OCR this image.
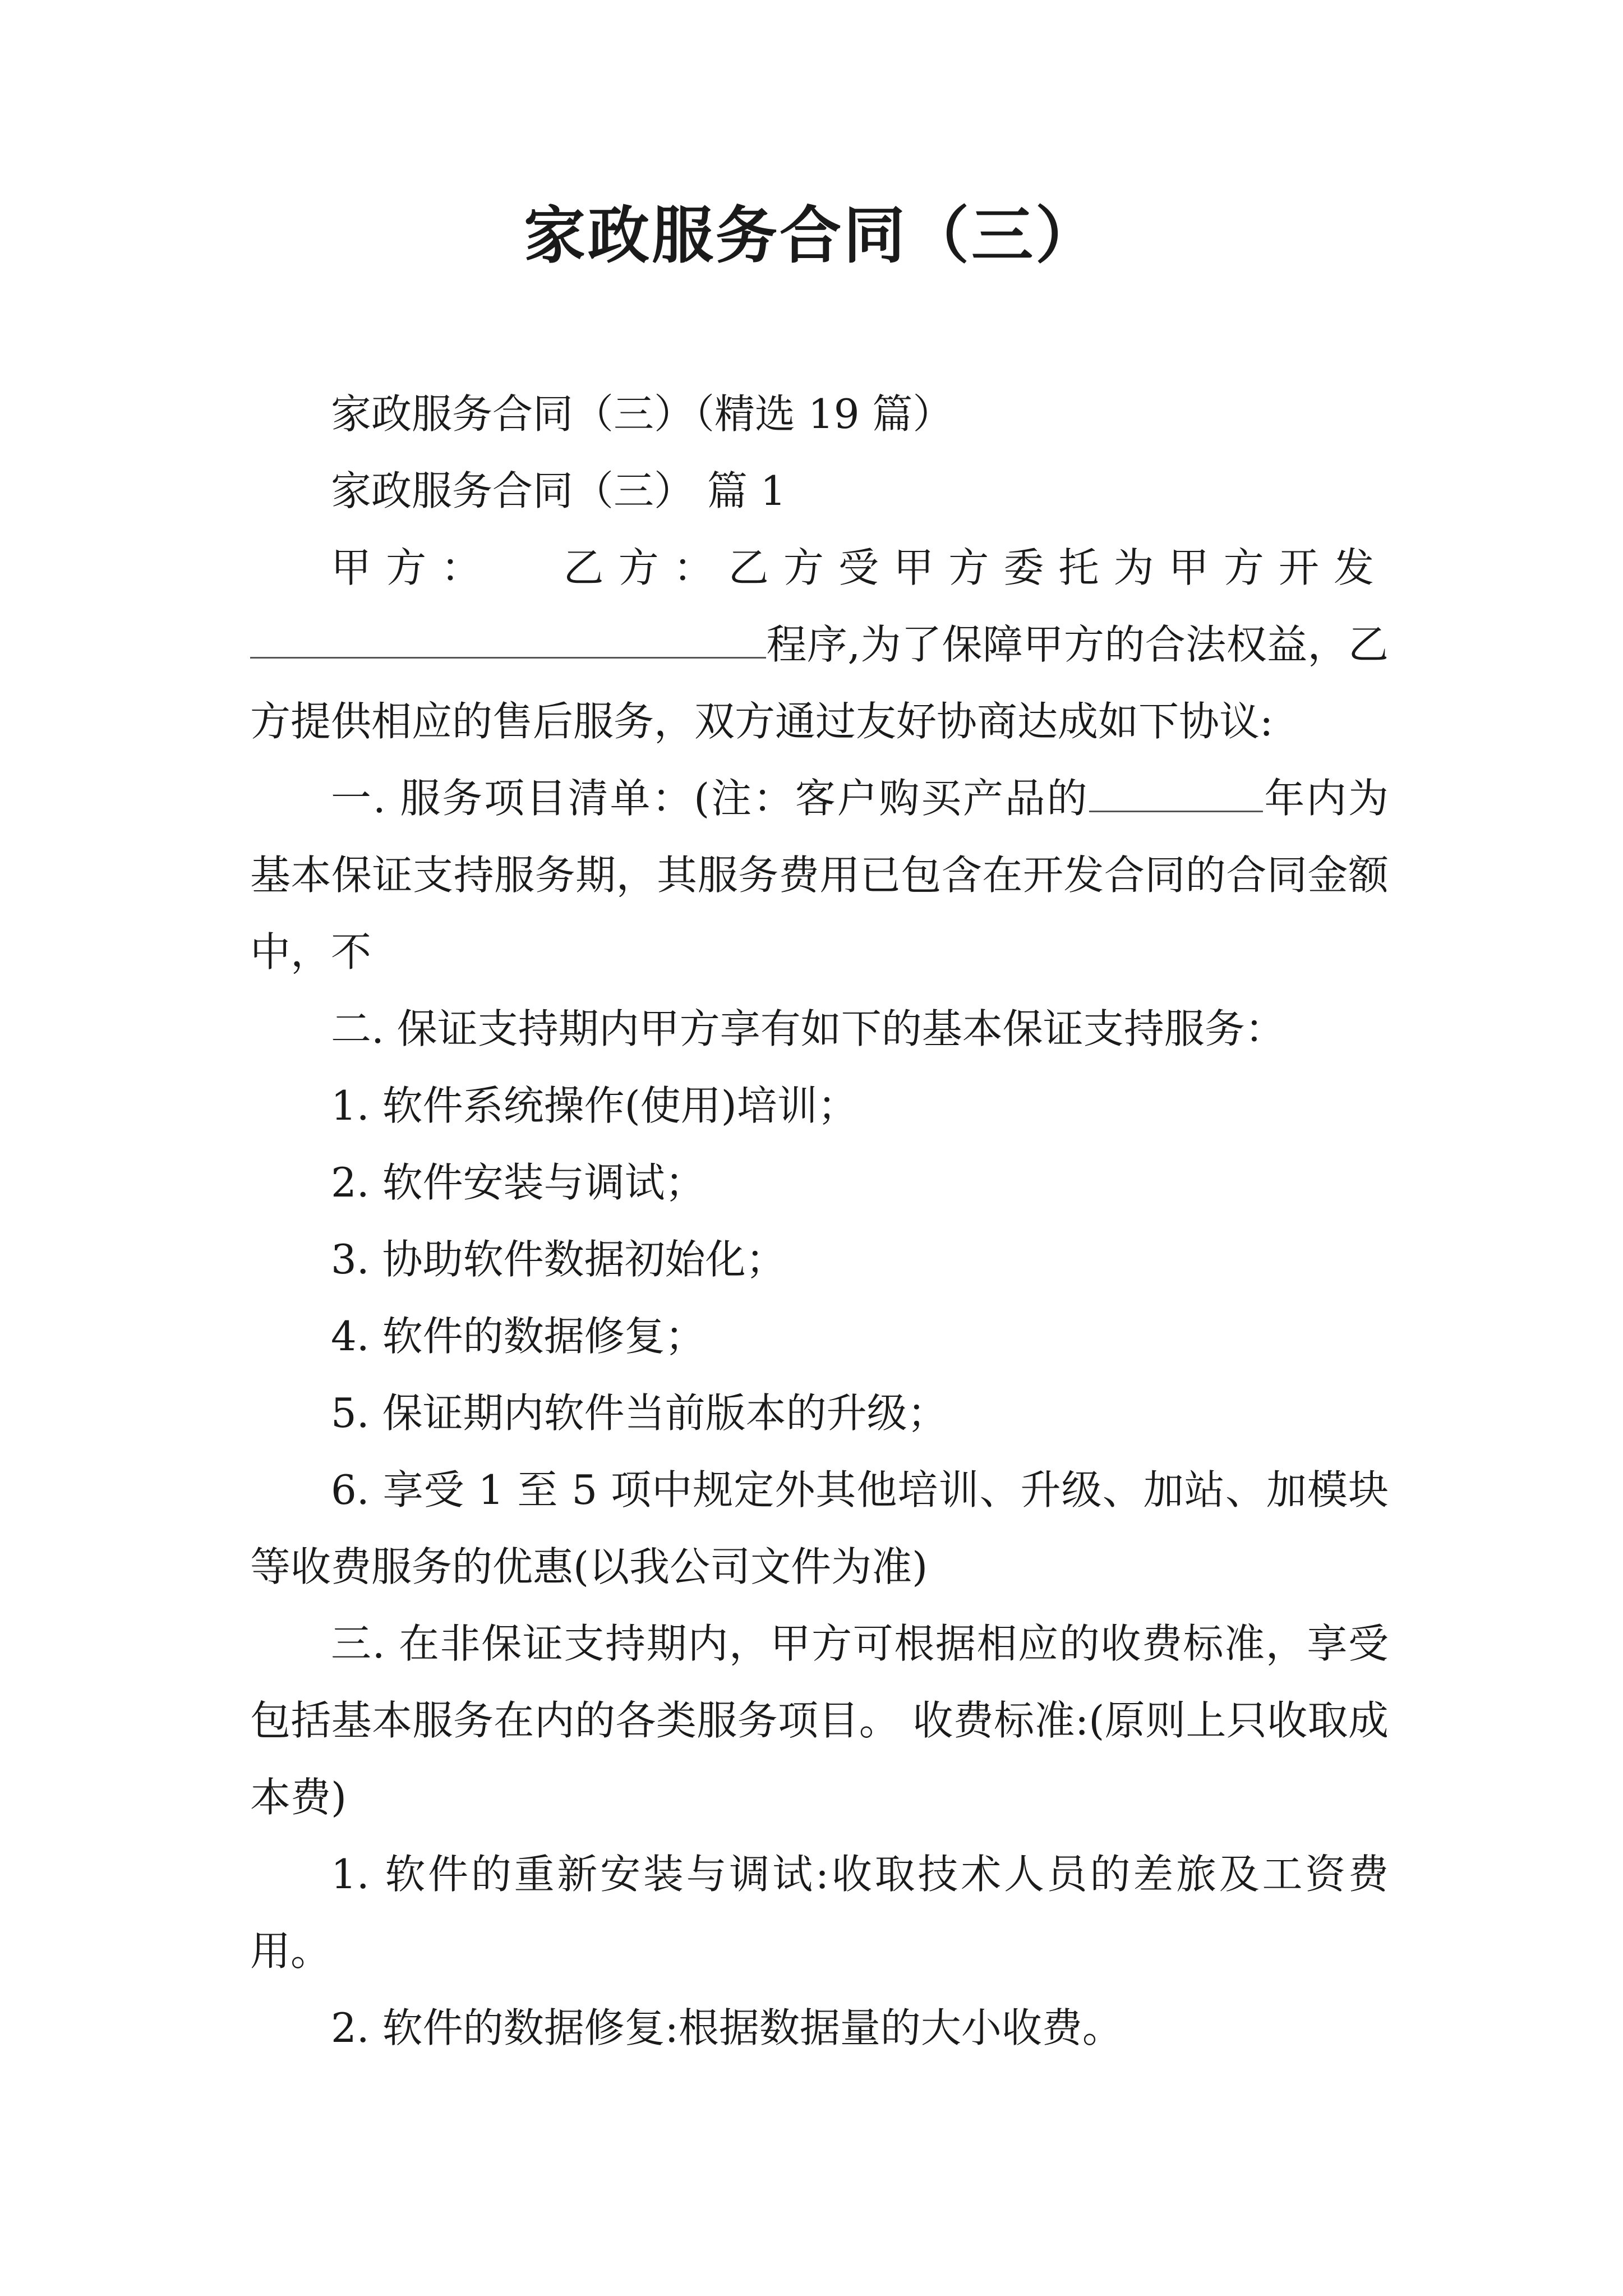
家政服务合同（三）

家政服务合同（三）（精选 19 篇）

家政服务合同（三） 篇 1

甲方： 乙方：乙方受甲方委托为甲方开发程序,为了保障甲方的合法权益，乙方提供相应的售后服务，双方通过友好协商达成如下协议:

一. 服务项目清单：(注：客户购买产品的	年内为基本保证支持服务期，其服务费用已包含在开发合同的合同金额中，不

二. 保证支持期内甲方享有如下的基本保证支持服务：

1. 软件系统操作(使用)培训；

2. 软件安装与调试；

3. 协助软件数据初始化；

4. 软件的数据修复；

5. 保证期内软件当前版本的升级；

6. 享受 1 至 5 项中规定外其他培训、升级、加站、加模块等收费服务的优惠(以我公司文件为准)

三. 在非保证支持期内，甲方可根据相应的收费标准，享受包括基本服务在内的各类服务项目。 收费标准:(原则上只收取成本费)

1. 软件的重新安装与调试:收取技术人员的差旅及工资费用。

2. 软件的数据修复:根据数据量的大小收费。
